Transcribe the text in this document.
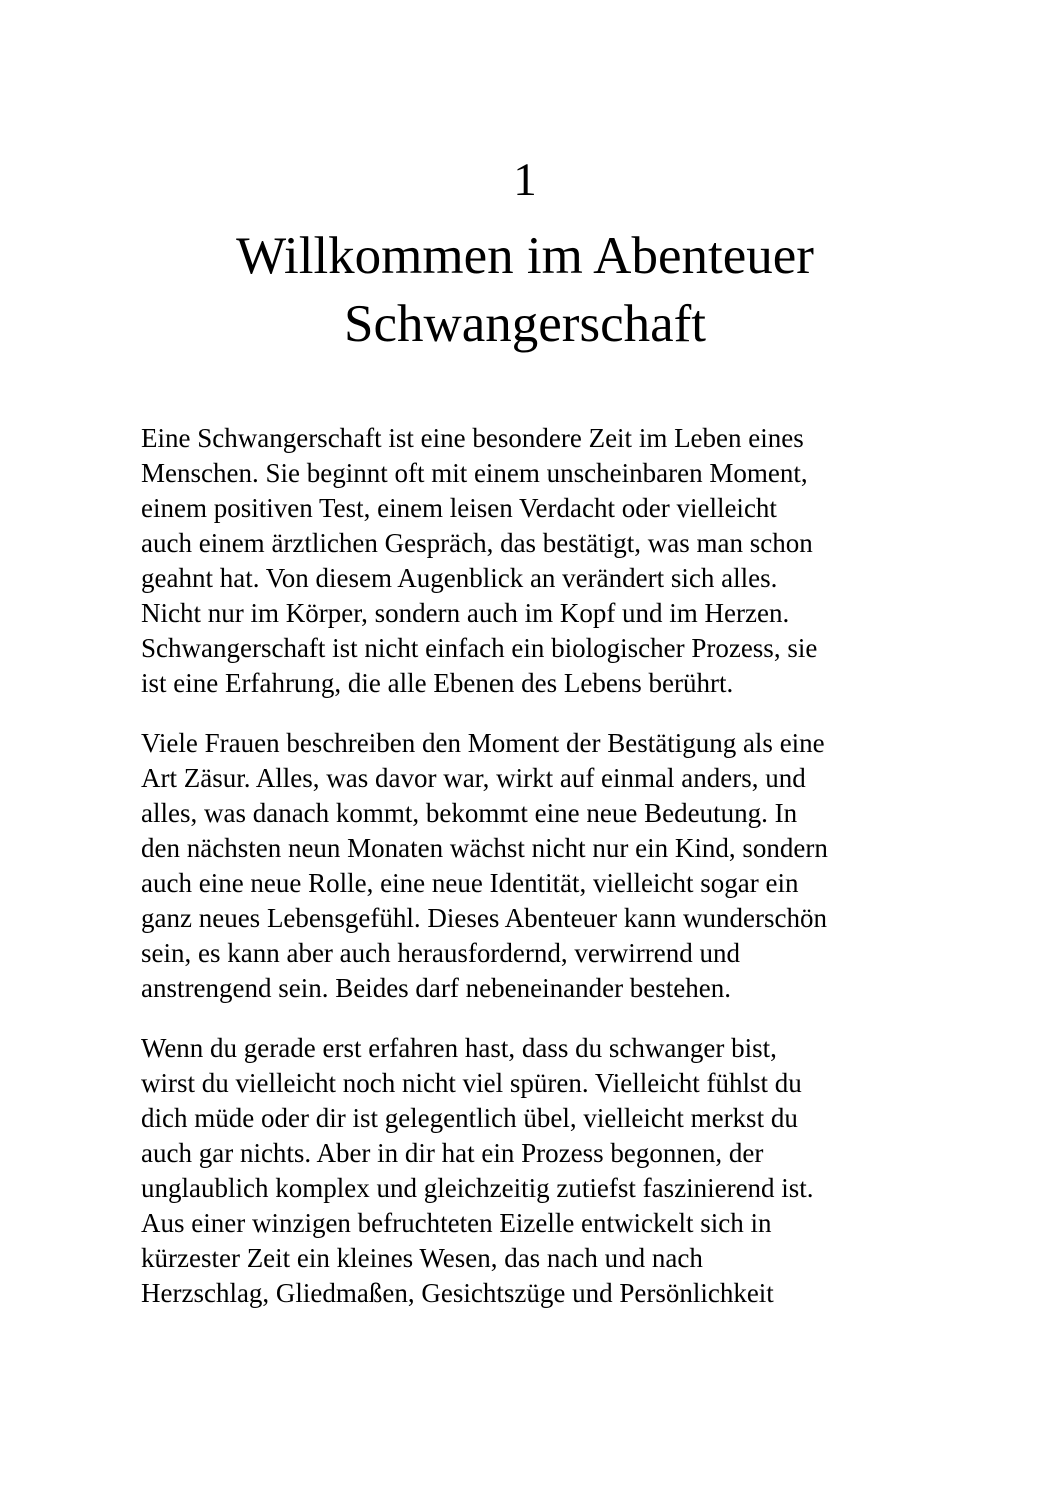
1
Willkommen im Abenteuer
Schwangerschaft

Eine Schwangerschaft ist eine besondere Zeit im Leben eines
Menschen. Sie beginnt oft mit einem unscheinbaren Moment,
einem positiven Test, einem leisen Verdacht oder vielleicht
auch einem ärztlichen Gespräch, das bestätigt, was man schon
geahnt hat. Von diesem Augenblick an verändert sich alles.
Nicht nur im Körper, sondern auch im Kopf und im Herzen.
Schwangerschaft ist nicht einfach ein biologischer Prozess, sie
ist eine Erfahrung, die alle Ebenen des Lebens berührt.

Viele Frauen beschreiben den Moment der Bestätigung als eine
Art Zäsur. Alles, was davor war, wirkt auf einmal anders, und
alles, was danach kommt, bekommt eine neue Bedeutung. In
den nächsten neun Monaten wächst nicht nur ein Kind, sondern
auch eine neue Rolle, eine neue Identität, vielleicht sogar ein
ganz neues Lebensgefühl. Dieses Abenteuer kann wunderschön
sein, es kann aber auch herausfordernd, verwirrend und
anstrengend sein. Beides darf nebeneinander bestehen.

Wenn du gerade erst erfahren hast, dass du schwanger bist,
wirst du vielleicht noch nicht viel spüren. Vielleicht fühlst du
dich müde oder dir ist gelegentlich übel, vielleicht merkst du
auch gar nichts. Aber in dir hat ein Prozess begonnen, der
unglaublich komplex und gleichzeitig zutiefst faszinierend ist.
Aus einer winzigen befruchteten Eizelle entwickelt sich in
kürzester Zeit ein kleines Wesen, das nach und nach
Herzschlag, Gliedmaßen, Gesichtszüge und Persönlichkeit
